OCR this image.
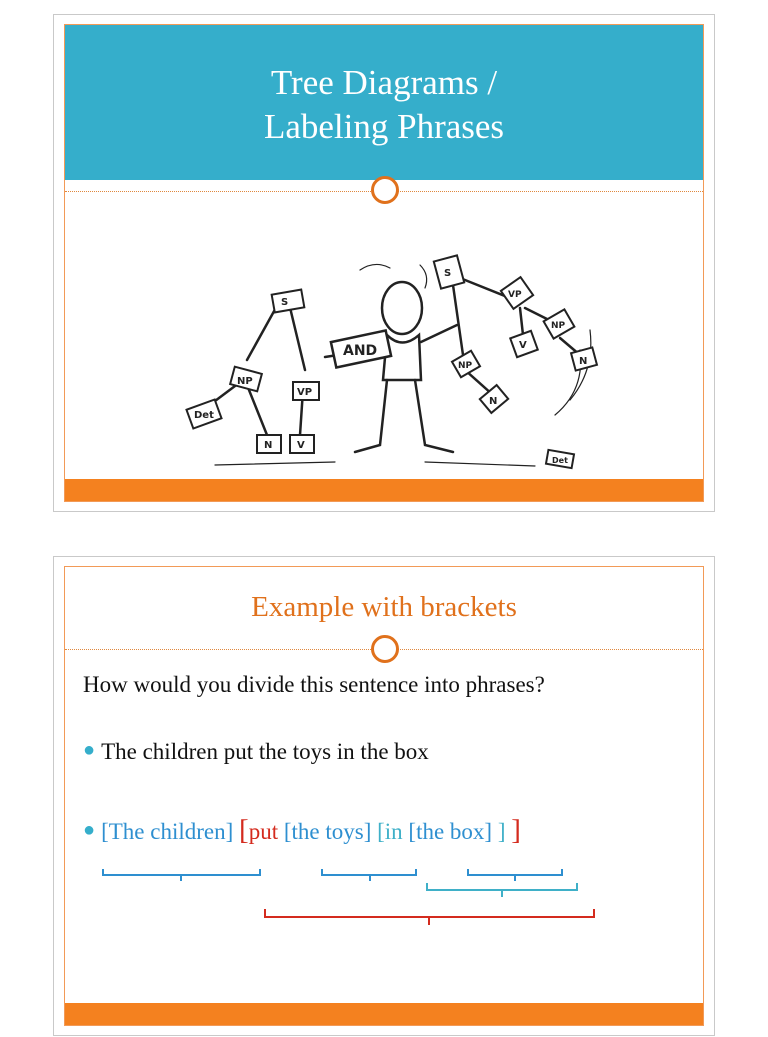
Tree Diagrams /
Labeling Phrases
S
NP
VP
Det
N V
AND
S
VP
NP
V
NP
N
N
Det
Example with brackets
How would you divide this sentence into phrases?
● The children put the toys in the box
● [The children] [put [the toys] [in [the box] ] ]
